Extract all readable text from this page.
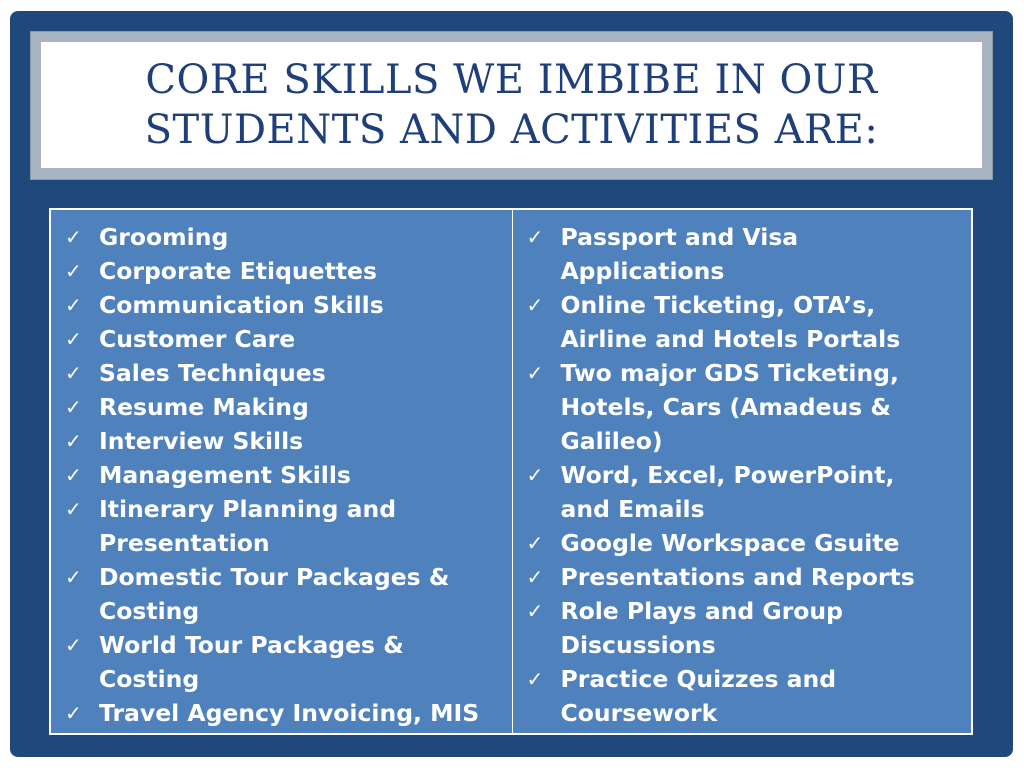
CORE SKILLS WE IMBIBE IN OUR
STUDENTS AND ACTIVITIES ARE:
✓ Grooming
✓ Corporate Etiquettes
✓ Communication Skills
✓ Customer Care
✓ Sales Techniques
✓ Resume Making
✓ Interview Skills
✓ Management Skills
✓ Itinerary Planning and
Presentation
✓ Domestic Tour Packages &
Costing
✓ World Tour Packages &
Costing
✓ Travel Agency Invoicing, MIS
✓ Passport and Visa
Applications
✓ Online Ticketing, OTA’s,
Airline and Hotels Portals
✓ Two major GDS Ticketing,
Hotels, Cars (Amadeus &
Galileo)
✓ Word, Excel, PowerPoint,
and Emails
✓ Google Workspace Gsuite
✓ Presentations and Reports
✓ Role Plays and Group
Discussions
✓ Practice Quizzes and
Coursework
